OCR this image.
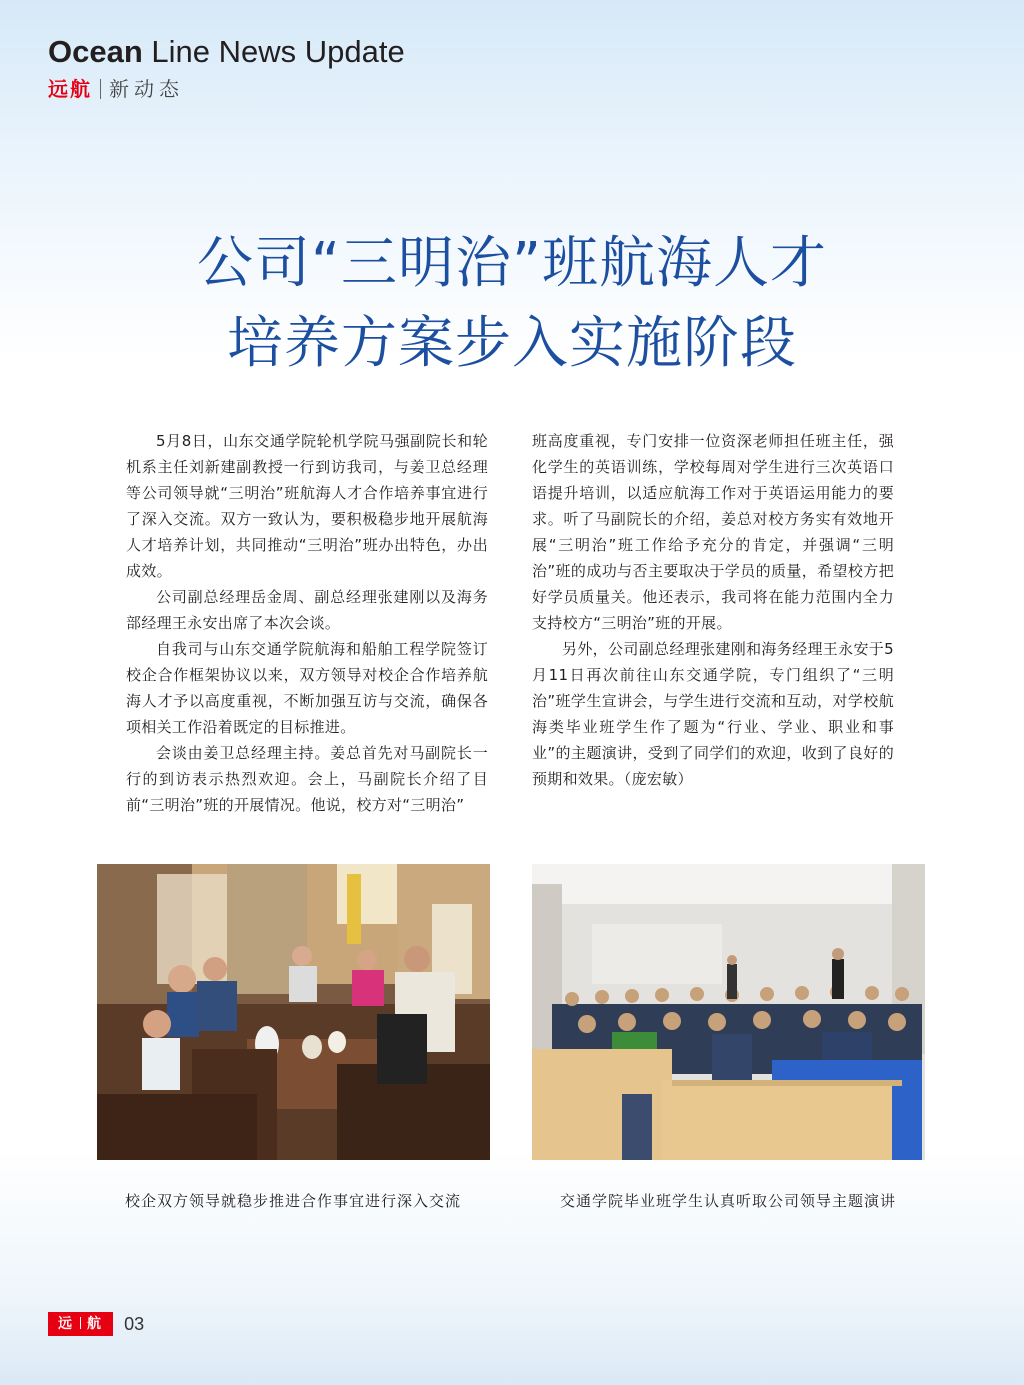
Ocean Line News Update
远航 新动态
公司“三明治”班航海人才
培养方案步入实施阶段

5月8日，山东交通学院轮机学院马强副院长和轮机系主任刘新建副教授一行到访我司，与姜卫总经理等公司领导就“三明治”班航海人才合作培养事宜进行了深入交流。双方一致认为，要积极稳步地开展航海人才培养计划，共同推动“三明治”班办出特色，办出成效。

公司副总经理岳金周、副总经理张建刚以及海务部经理王永安出席了本次会谈。

自我司与山东交通学院航海和船舶工程学院签订校企合作框架协议以来，双方领导对校企合作培养航海人才予以高度重视，不断加强互访与交流，确保各项相关工作沿着既定的目标推进。

会谈由姜卫总经理主持。姜总首先对马副院长一行的到访表示热烈欢迎。会上，马副院长介绍了目前“三明治”班的开展情况。他说，校方对“三明治”

班高度重视，专门安排一位资深老师担任班主任，强化学生的英语训练，学校每周对学生进行三次英语口语提升培训，以适应航海工作对于英语运用能力的要求。听了马副院长的介绍，姜总对校方务实有效地开展“三明治”班工作给予充分的肯定，并强调“三明治”班的成功与否主要取决于学员的质量，希望校方把好学员质量关。他还表示，我司将在能力范围内全力支持校方“三明治”班的开展。

另外，公司副总经理张建刚和海务经理王永安于5月11日再次前往山东交通学院，专门组织了“三明治”班学生宣讲会，与学生进行交流和互动，对学校航海类毕业班学生作了题为“行业、学业、职业和事业”的主题演讲，受到了同学们的欢迎，收到了良好的预期和效果。（庞宏敏）

校企双方领导就稳步推进合作事宜进行深入交流	交通学院毕业班学生认真听取公司领导主题演讲
远 航 03
